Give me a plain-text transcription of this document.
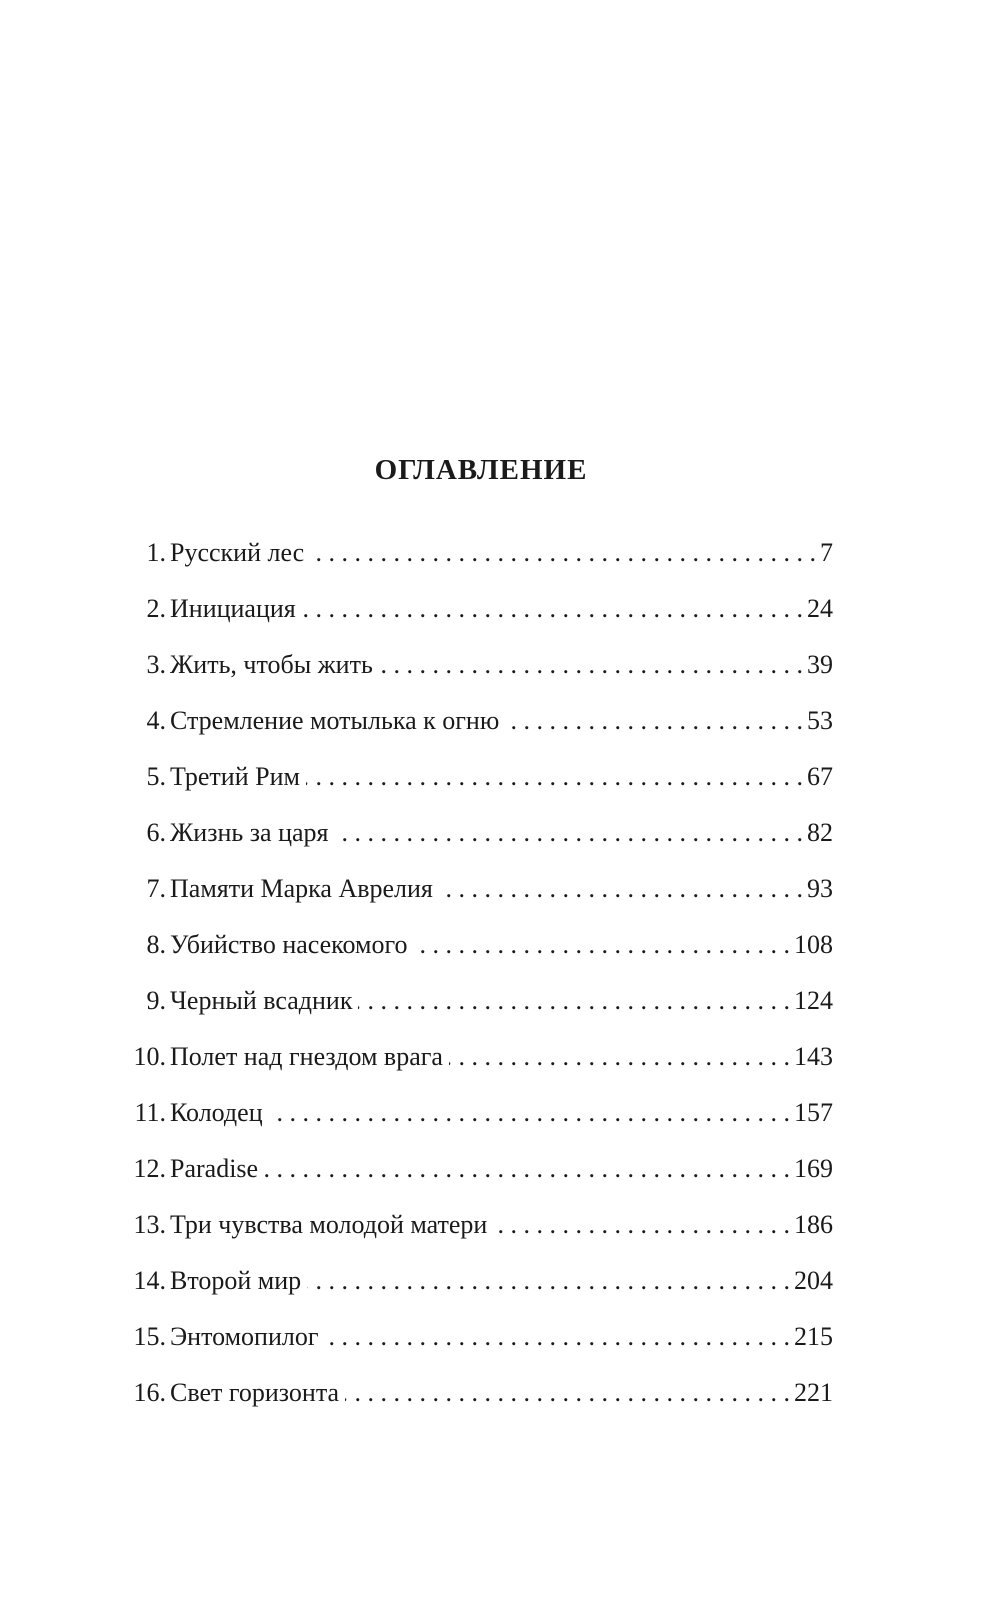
ОГЛАВЛЕНИЕ
1. Русский лес . . .	7
2. Инициация . . .	24
3. Жить, чтобы жить . . .	39
4. Стремление мотылька к огню . . .	53
5. Третий Рим . . .	67
6. Жизнь за царя . . .	82
7. Памяти Марка Аврелия . . .	93
8. Убийство насекомого . . .	108
9. Черный всадник . . .	124
10. Полет над гнездом врага . . .	143
11. Колодец . . .	157
12. Paradise . . .	169
13. Три чувства молодой матери . . .	186
14. Второй мир . . .	204
15. Энтомопилог . . .	215
16. Свет горизонта . . .	221
